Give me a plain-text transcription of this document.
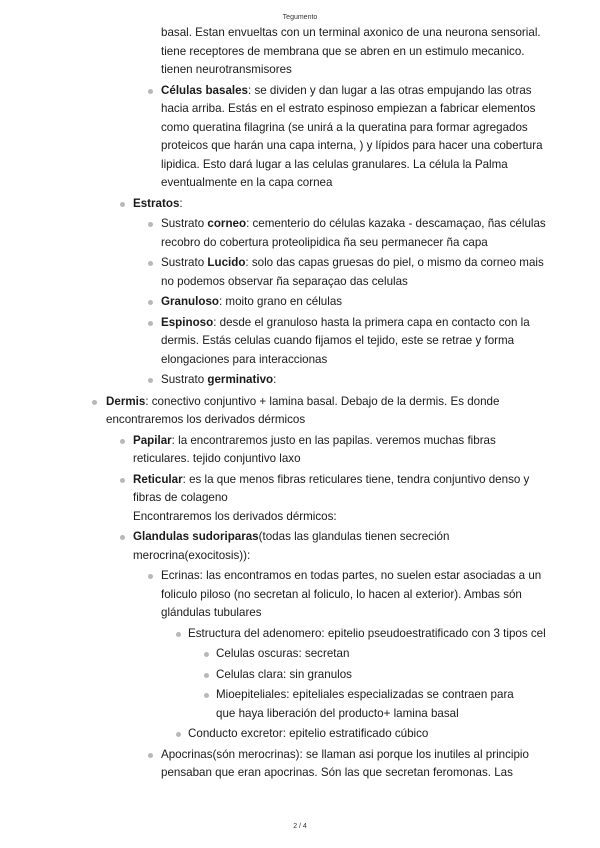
Tegumento
basal. Estan envueltas con un terminal axonico de una neurona sensorial. tiene receptores de membrana que se abren en un estimulo mecanico. tienen neurotransmisores
Células basales: se dividen y dan lugar a las otras empujando las otras hacia arriba. Estás en el estrato espinoso empiezan a fabricar elementos como queratina filagrina (se unirá a la queratina para formar agregados proteicos que harán una capa interna, ) y lípidos para hacer una cobertura lipidica. Esto dará lugar a las celulas granulares. La célula la Palma eventualmente en la capa cornea
Estratos:
Sustrato corneo: cementerio do células kazaka - descamaçao, ñas células recobro do cobertura proteolipidica ña seu permanecer ña capa
Sustrato Lucido: solo das capas gruesas do piel, o mismo da corneo mais no podemos observar ña separaçao das celulas
Granuloso: moito grano en células
Espinoso: desde el granuloso hasta la primera capa en contacto con la dermis. Estás celulas cuando fijamos el tejido, este se retrae y forma elongaciones para interaccionas
Sustrato germinativo:
Dermis: conectivo conjuntivo + lamina basal. Debajo de la dermis. Es donde encontraremos los derivados dérmicos
Papilar: la encontraremos justo en las papilas. veremos muchas fibras reticulares. tejido conjuntivo laxo
Reticular: es la que menos fibras reticulares tiene, tendra conjuntivo denso y fibras de colageno
Encontraremos los derivados dérmicos:
Glandulas sudoriparas(todas las glandulas tienen secreción merocrina(exocitosis)):
Ecrinas: las encontramos en todas partes, no suelen estar asociadas a un foliculo piloso (no secretan al foliculo, lo hacen al exterior). Ambas són glándulas tubulares
Estructura del adenomero: epitelio pseudoestratificado con 3 tipos cel
Celulas oscuras: secretan
Celulas clara: sin granulos
Mioepiteliales: epiteliales especializadas se contraen para que haya liberación del producto+ lamina basal
Conducto excretor: epitelio estratificado cúbico
Apocrinas(són merocrinas): se llaman asi porque los inutiles al principio pensaban que eran apocrinas. Són las que secretan feromonas. Las
2 / 4
